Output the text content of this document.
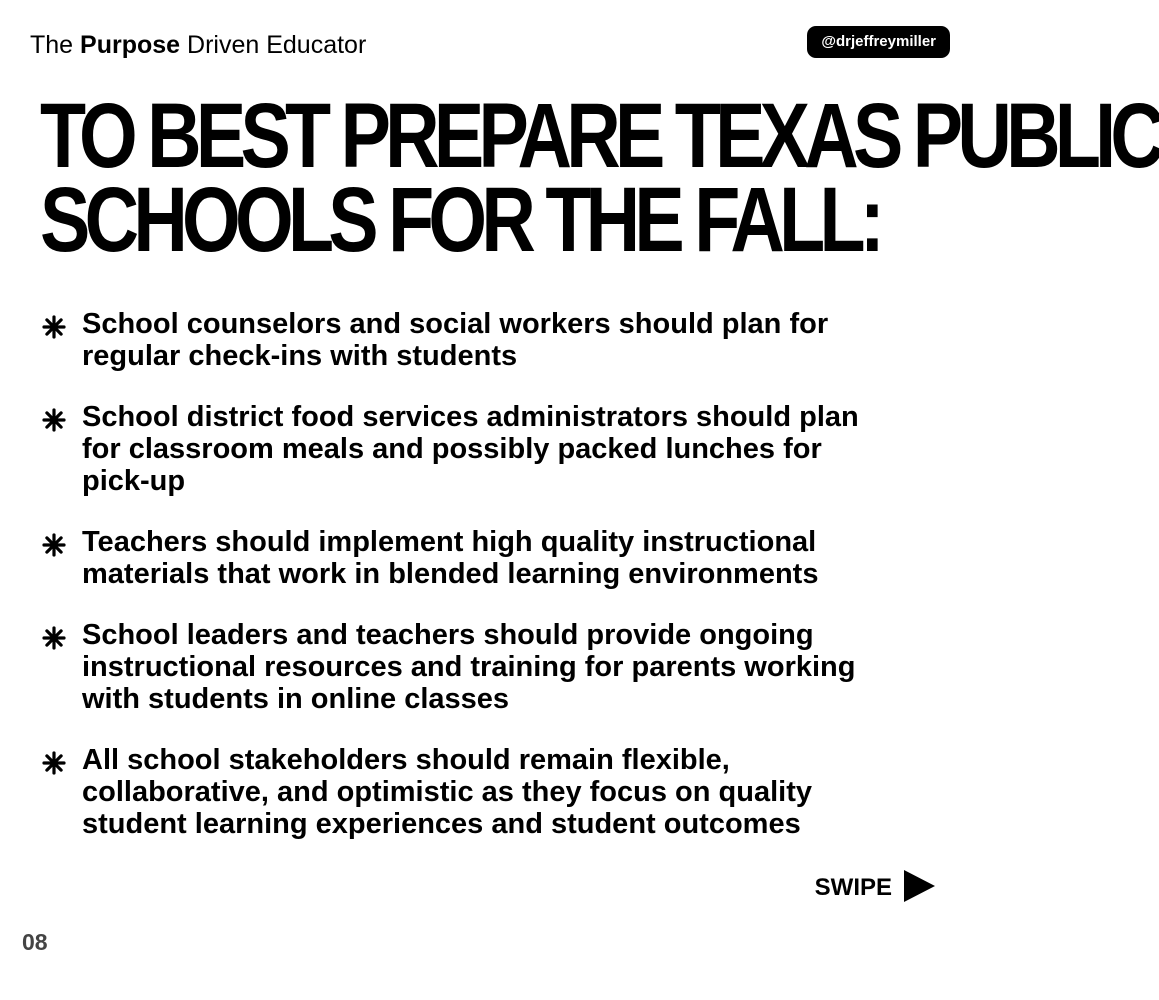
The Purpose Driven Educator	@drjeffreymiller
TO BEST PREPARE TEXAS PUBLIC
SCHOOLS FOR THE FALL:
School counselors and social workers should plan for
regular check-ins with students
School district food services administrators should plan
for classroom meals and possibly packed lunches for
pick-up
Teachers should implement high quality instructional
materials that work in blended learning environments
School leaders and teachers should provide ongoing
instructional resources and training for parents working
with students in online classes
All school stakeholders should remain flexible,
collaborative, and optimistic as they focus on quality
student learning experiences and student outcomes
SWIPE
08
